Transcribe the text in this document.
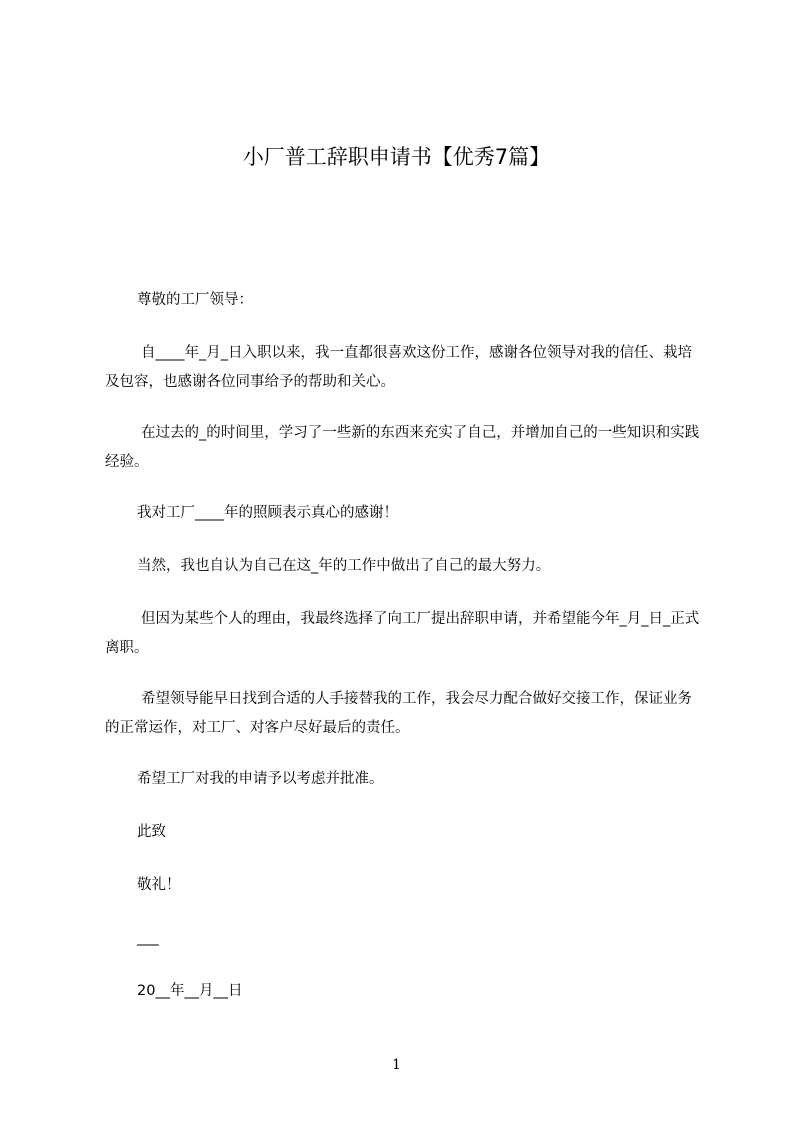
小厂普工辞职申请书【优秀7篇】

尊敬的工厂领导：

自____年_月_日入职以来，我一直都很喜欢这份工作，感谢各位领导对我的信任、栽培及包容，也感谢各位同事给予的帮助和关心。

在过去的_的时间里，学习了一些新的东西来充实了自己，并增加自己的一些知识和实践经验。

我对工厂____年的照顾表示真心的感谢！

当然，我也自认为自己在这_年的工作中做出了自己的最大努力。

但因为某些个人的理由，我最终选择了向工厂提出辞职申请，并希望能今年_月_日_正式离职。

希望领导能早日找到合适的人手接替我的工作，我会尽力配合做好交接工作，保证业务的正常运作，对工厂、对客户尽好最后的责任。

希望工厂对我的申请予以考虑并批准。

此致

敬礼！

___

20__年__月__日

1
